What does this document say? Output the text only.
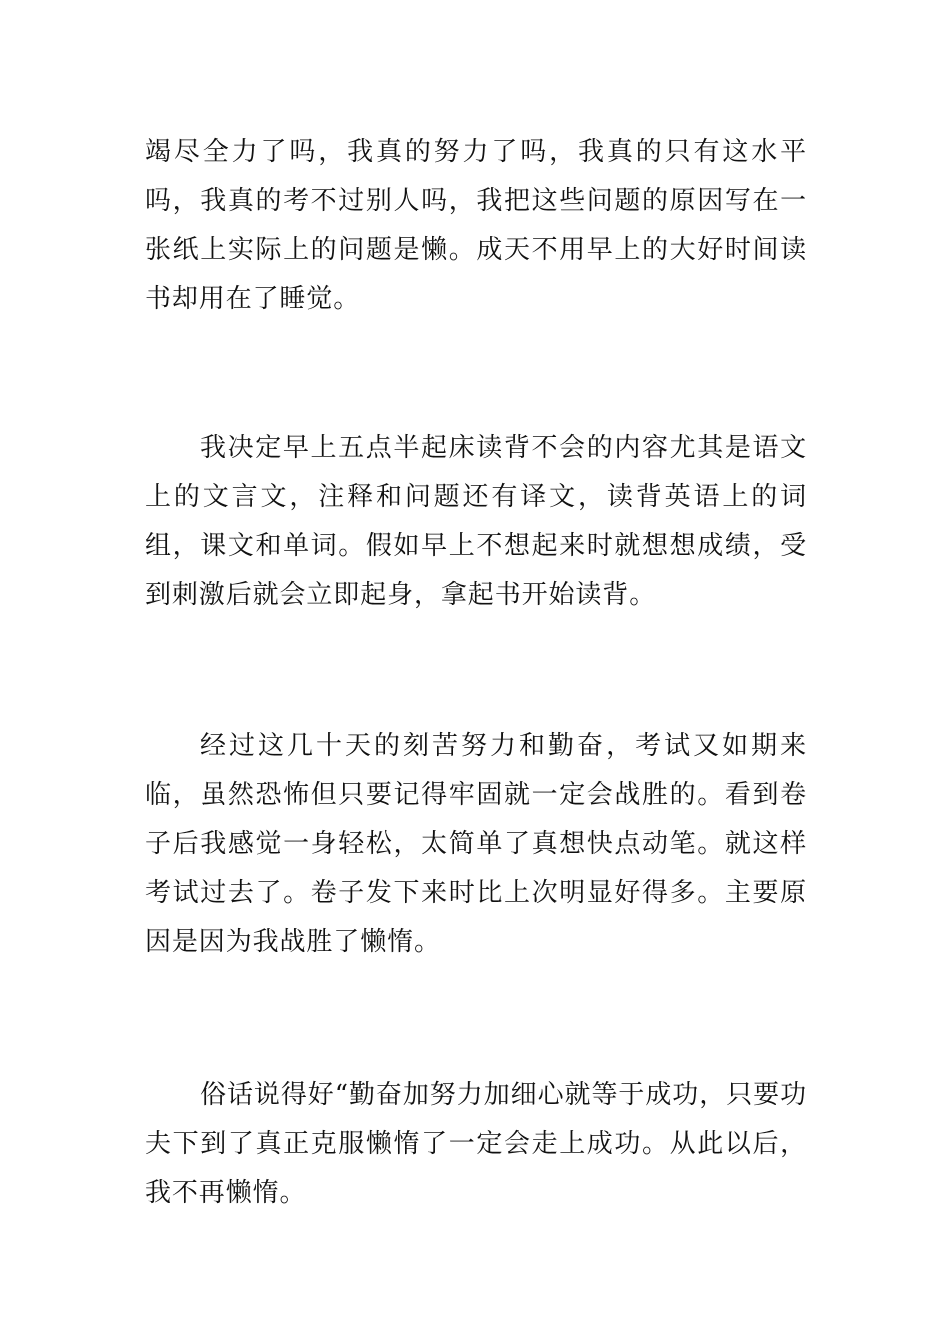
竭尽全力了吗，我真的努力了吗，我真的只有这水平吗，我真的考不过别人吗，我把这些问题的原因写在一张纸上实际上的问题是懒。成天不用早上的大好时间读书却用在了睡觉。

我决定早上五点半起床读背不会的内容尤其是语文上的文言文，注释和问题还有译文，读背英语上的词组，课文和单词。假如早上不想起来时就想想成绩，受到刺激后就会立即起身，拿起书开始读背。

经过这几十天的刻苦努力和勤奋，考试又如期来临，虽然恐怖但只要记得牢固就一定会战胜的。看到卷子后我感觉一身轻松，太简单了真想快点动笔。就这样考试过去了。卷子发下来时比上次明显好得多。主要原因是因为我战胜了懒惰。

俗话说得好“勤奋加努力加细心就等于成功，只要功夫下到了真正克服懒惰了一定会走上成功。从此以后，我不再懒惰。
